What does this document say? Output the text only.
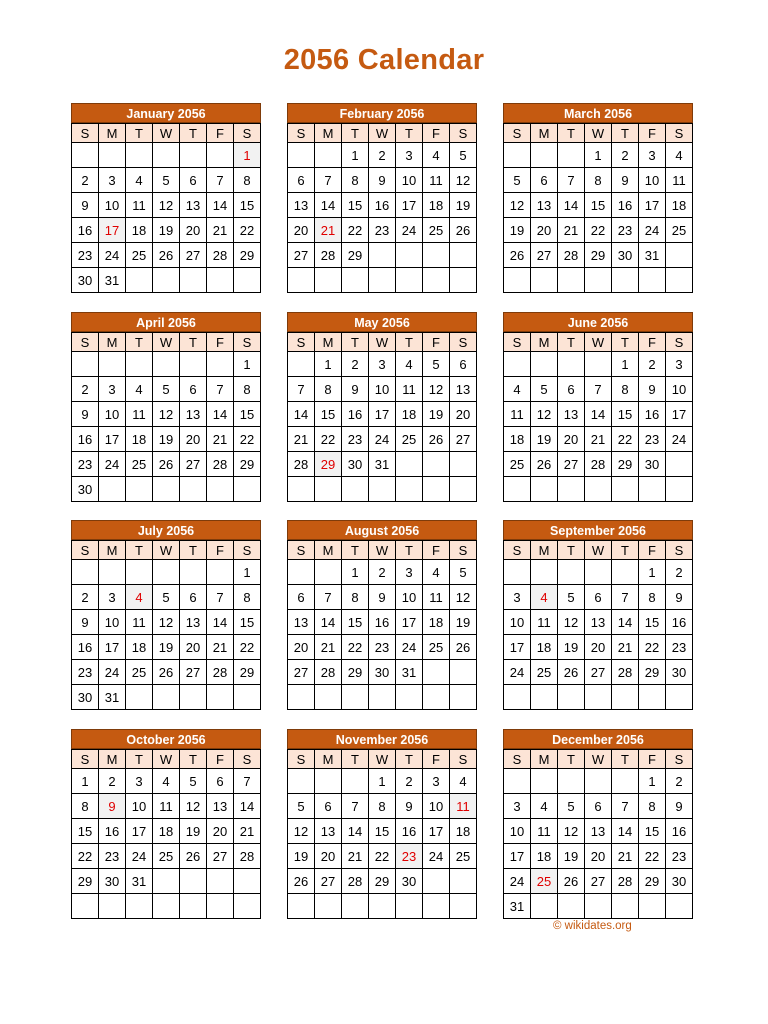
2056 Calendar
January 2056
S	M	T	W	T	F	S
						1
2	3	4	5	6	7	8
9	10	11	12	13	14	15
16	17	18	19	20	21	22
23	24	25	26	27	28	29
30	31					
February 2056
S	M	T	W	T	F	S
		1	2	3	4	5
6	7	8	9	10	11	12
13	14	15	16	17	18	19
20	21	22	23	24	25	26
27	28	29				

March 2056
S	M	T	W	T	F	S
			1	2	3	4
5	6	7	8	9	10	11
12	13	14	15	16	17	18
19	20	21	22	23	24	25
26	27	28	29	30	31	

April 2056
S	M	T	W	T	F	S
						1
2	3	4	5	6	7	8
9	10	11	12	13	14	15
16	17	18	19	20	21	22
23	24	25	26	27	28	29
30						
May 2056
S	M	T	W	T	F	S
	1	2	3	4	5	6
7	8	9	10	11	12	13
14	15	16	17	18	19	20
21	22	23	24	25	26	27
28	29	30	31			

June 2056
S	M	T	W	T	F	S
				1	2	3
4	5	6	7	8	9	10
11	12	13	14	15	16	17
18	19	20	21	22	23	24
25	26	27	28	29	30	

July 2056
S	M	T	W	T	F	S
						1
2	3	4	5	6	7	8
9	10	11	12	13	14	15
16	17	18	19	20	21	22
23	24	25	26	27	28	29
30	31					
August 2056
S	M	T	W	T	F	S
		1	2	3	4	5
6	7	8	9	10	11	12
13	14	15	16	17	18	19
20	21	22	23	24	25	26
27	28	29	30	31		

September 2056
S	M	T	W	T	F	S
					1	2
3	4	5	6	7	8	9
10	11	12	13	14	15	16
17	18	19	20	21	22	23
24	25	26	27	28	29	30

October 2056
S	M	T	W	T	F	S
1	2	3	4	5	6	7
8	9	10	11	12	13	14
15	16	17	18	19	20	21
22	23	24	25	26	27	28
29	30	31				

November 2056
S	M	T	W	T	F	S
			1	2	3	4
5	6	7	8	9	10	11
12	13	14	15	16	17	18
19	20	21	22	23	24	25
26	27	28	29	30		

December 2056
S	M	T	W	T	F	S
					1	2
3	4	5	6	7	8	9
10	11	12	13	14	15	16
17	18	19	20	21	22	23
24	25	26	27	28	29	30
31						
© wikidates.org
